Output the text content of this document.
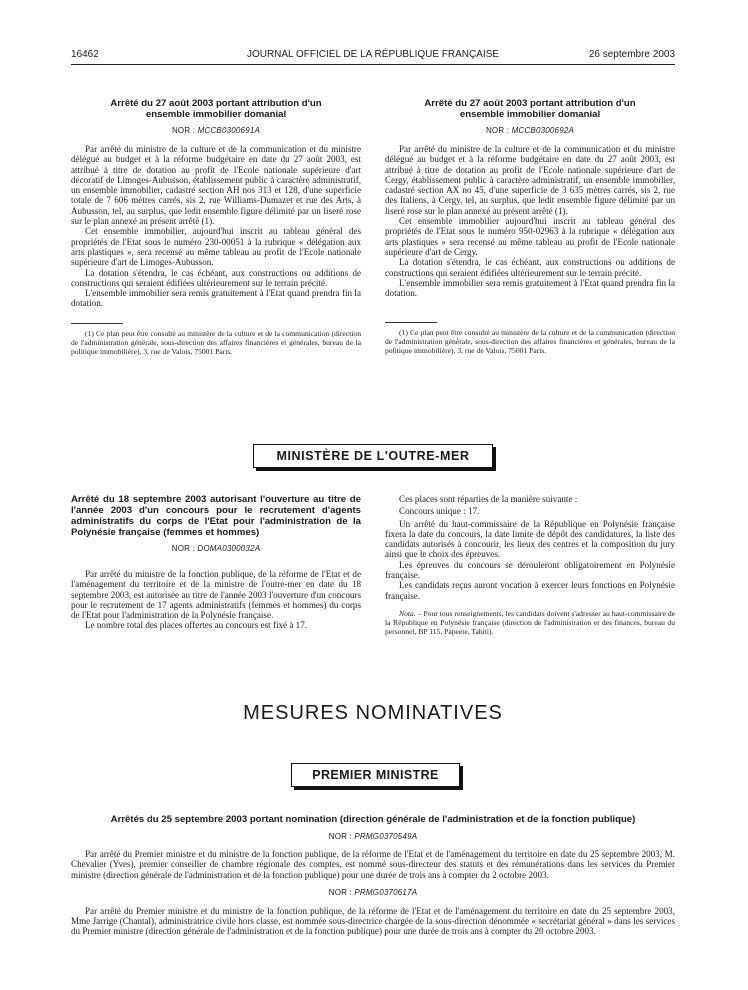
16462	JOURNAL OFFICIEL DE LA RÉPUBLIQUE FRANÇAISE	26 septembre 2003
Arrêté du 27 août 2003 portant attribution d'un ensemble immobilier domanial
NOR : MCCB0300691A

Par arrêté du ministre de la culture et de la communication et du ministre délégué au budget et à la réforme budgétaire en date du 27 août 2003, est attribué à titre de dotation au profit de l'Ecole nationale supérieure d'art décoratif de Limoges-Aubusson, établissement public à caractère administratif, un ensemble immobilier, cadastré section AH nos 313 et 128, d'une superficie totale de 7 606 mètres carrés, sis 2, rue Williams-Dumazet et rue des Arts, à Aubusson, tel, au surplus, que ledit ensemble figure délimité par un liseré rose sur le plan annexé au présent arrêté (1).

Cet ensemble immobilier, aujourd'hui inscrit au tableau général des propriétés de l'Etat sous le numéro 230-00051 à la rubrique « délégation aux arts plastiques », sera recensé au même tableau au profit de l'Ecole nationale supérieure d'art de Limoges-Aubusson.

La dotation s'étendra, le cas échéant, aux constructions ou additions de constructions qui seraient édifiées ultérieurement sur le terrain précité.

L'ensemble immobilier sera remis gratuitement à l'Etat quand prendra fin la dotation.

(1) Ce plan peut être consulté au ministère de la culture et de la communication (direction de l'administration générale, sous-direction des affaires financières et générales, bureau de la politique immobilière), 3, rue de Valois, 75001 Paris.

Arrêté du 27 août 2003 portant attribution d'un ensemble immobilier domanial
NOR : MCCB0300692A

Par arrêté du ministre de la culture et de la communication et du ministre délégué au budget et à la réforme budgétaire en date du 27 août 2003, est attribué à titre de dotation au profit de l'Ecole nationale supérieure d'art de Cergy, établissement public à caractère administratif, un ensemble immobilier, cadastré section AX no 45, d'une superficie de 3 635 mètres carrés, sis 2, rue des Italiens, à Cergy, tel, au surplus, que ledit ensemble figure délimité par un liseré rose sur le plan annexé au présent arrêté (1).

Cet ensemble immobilier aujourd'hui inscrit au tableau général des propriétés de l'Etat sous le numéro 950-02963 à la rubrique « délégation aux arts plastiques » sera recensé au même tableau au profit de l'Ecole nationale supérieure d'art de Cergy.

La dotation s'étendra, le cas échéant, aux constructions ou additions de constructions qui seraient édifiées ultérieurement sur le terrain précité.

L'ensemble immobilier sera remis gratuitement à l'Etat quand prendra fin la dotation.

(1) Ce plan peut être consulté au ministère de la culture et de la communication (direction de l'administration générale, sous-direction des affaires financières et générales, bureau de la politique immobilière), 3, rue de Valois, 75001 Paris.

MINISTÈRE DE L'OUTRE-MER
Arrêté du 18 septembre 2003 autorisant l'ouverture au titre de l'année 2003 d'un concours pour le recrutement d'agents administratifs du corps de l'Etat pour l'administration de la Polynésie française (femmes et hommes)
NOR : DOMA0300032A

Par arrêté du ministre de la fonction publique, de la réforme de l'Etat et de l'aménagement du territoire et de la ministre de l'outre-mer en date du 18 septembre 2003, est autorisée au titre de l'année 2003 l'ouverture d'un concours pour le recrutement de 17 agents administratifs (femmes et hommes) du corps de l'Etat pour l'administration de la Polynésie française.

Le nombre total des places offertes au concours est fixé à 17.

Ces places sont réparties de la manière suivante :

Concours unique : 17.

Un arrêté du haut-commissaire de la République en Polynésie française fixera la date du concours, la date limite de dépôt des candidatures, la liste des candidats autorisés à concourir, les lieux des centres et la composition du jury ainsi que le choix des épreuves.

Les épreuves du concours se dérouleront obligatoirement en Polynésie française.

Les candidats reçus auront vocation à exercer leurs fonctions en Polynésie française.

Nota. – Pour tous renseignements, les candidats doivent s'adresser au haut-commissaire de la République en Polynésie française (direction de l'administration et des finances, bureau du personnel, BP 115, Papeete, Tahiti).

MESURES NOMINATIVES
PREMIER MINISTRE
Arrêtés du 25 septembre 2003 portant nomination (direction générale de l'administration et de la fonction publique)
NOR : PRMG0370549A

Par arrêté du Premier ministre et du ministre de la fonction publique, de la réforme de l'Etat et de l'aménagement du territoire en date du 25 septembre 2003, M. Chevalier (Yves), premier conseiller de chambre régionale des comptes, est nommé sous-directeur des statuts et des rémunérations dans les services du Premier ministre (direction générale de l'administration et de la fonction publique) pour une durée de trois ans à compter du 2 octobre 2003.

NOR : PRMG0370617A

Par arrêté du Premier ministre et du ministre de la fonction publique, de la réforme de l'Etat et de l'aménagement du territoire en date du 25 septembre 2003, Mme Jarrige (Chantal), administratrice civile hors classe, est nommée sous-directrice chargée de la sous-direction dénommée « secrétariat général » dans les services du Premier ministre (direction générale de l'administration et de la fonction publique) pour une durée de trois ans à compter du 20 octobre 2003.
